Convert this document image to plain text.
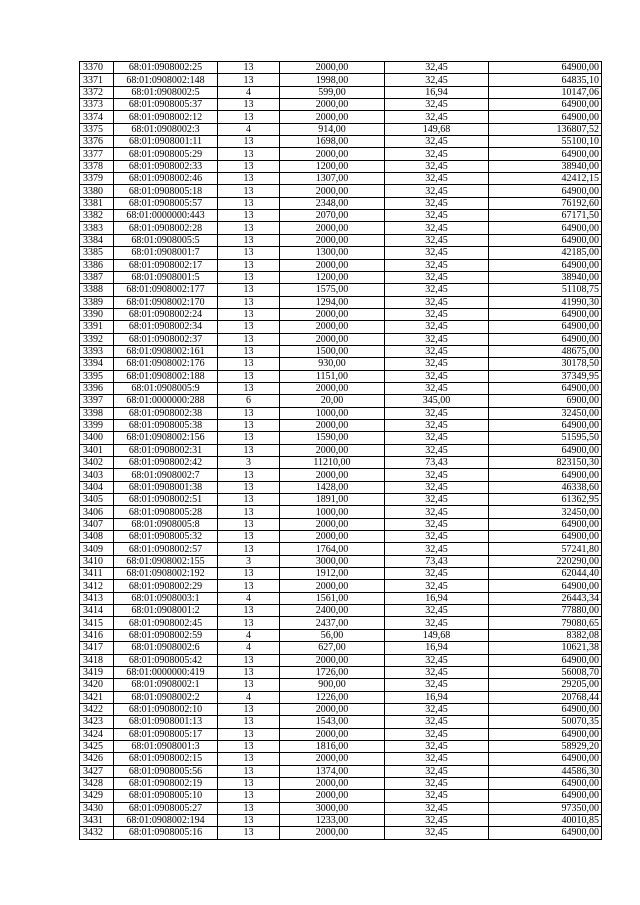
3370	68:01:0908002:25	13	2000,00	32,45	64900,00
3371	68:01:0908002:148	13	1998,00	32,45	64835,10
3372	68:01:0908002:5	4	599,00	16,94	10147,06
3373	68:01:0908005:37	13	2000,00	32,45	64900,00
3374	68:01:0908002:12	13	2000,00	32,45	64900,00
3375	68:01:0908002:3	4	914,00	149,68	136807,52
3376	68:01:0908001:11	13	1698,00	32,45	55100,10
3377	68:01:0908005:29	13	2000,00	32,45	64900,00
3378	68:01:0908002:33	13	1200,00	32,45	38940,00
3379	68:01:0908002:46	13	1307,00	32,45	42412,15
3380	68:01:0908005:18	13	2000,00	32,45	64900,00
3381	68:01:0908005:57	13	2348,00	32,45	76192,60
3382	68:01:0000000:443	13	2070,00	32,45	67171,50
3383	68:01:0908002:28	13	2000,00	32,45	64900,00
3384	68:01:0908005:5	13	2000,00	32,45	64900,00
3385	68:01:0908001:7	13	1300,00	32,45	42185,00
3386	68:01:0908002:17	13	2000,00	32,45	64900,00
3387	68:01:0908001:5	13	1200,00	32,45	38940,00
3388	68:01:0908002:177	13	1575,00	32,45	51108,75
3389	68:01:0908002:170	13	1294,00	32,45	41990,30
3390	68:01:0908002:24	13	2000,00	32,45	64900,00
3391	68:01:0908002:34	13	2000,00	32,45	64900,00
3392	68:01:0908002:37	13	2000,00	32,45	64900,00
3393	68:01:0908002:161	13	1500,00	32,45	48675,00
3394	68:01:0908002:176	13	930,00	32,45	30178,50
3395	68:01:0908002:188	13	1151,00	32,45	37349,95
3396	68:01:0908005:9	13	2000,00	32,45	64900,00
3397	68:01:0000000:288	6	20,00	345,00	6900,00
3398	68:01:0908002:38	13	1000,00	32,45	32450,00
3399	68:01:0908005:38	13	2000,00	32,45	64900,00
3400	68:01:0908002:156	13	1590,00	32,45	51595,50
3401	68:01:0908002:31	13	2000,00	32,45	64900,00
3402	68:01:0908002:42	3	11210,00	73,43	823150,30
3403	68:01:0908002:7	13	2000,00	32,45	64900,00
3404	68:01:0908001:38	13	1428,00	32,45	46338,60
3405	68:01:0908002:51	13	1891,00	32,45	61362,95
3406	68:01:0908005:28	13	1000,00	32,45	32450,00
3407	68:01:0908005:8	13	2000,00	32,45	64900,00
3408	68:01:0908005:32	13	2000,00	32,45	64900,00
3409	68:01:0908002:57	13	1764,00	32,45	57241,80
3410	68:01:0908002:155	3	3000,00	73,43	220290,00
3411	68:01:0908002:192	13	1912,00	32,45	62044,40
3412	68:01:0908002:29	13	2000,00	32,45	64900,00
3413	68:01:0908003:1	4	1561,00	16,94	26443,34
3414	68:01:0908001:2	13	2400,00	32,45	77880,00
3415	68:01:0908002:45	13	2437,00	32,45	79080,65
3416	68:01:0908002:59	4	56,00	149,68	8382,08
3417	68:01:0908002:6	4	627,00	16,94	10621,38
3418	68:01:0908005:42	13	2000,00	32,45	64900,00
3419	68:01:0000000:419	13	1726,00	32,45	56008,70
3420	68:01:0908002:1	13	900,00	32,45	29205,00
3421	68:01:0908002:2	4	1226,00	16,94	20768,44
3422	68:01:0908002:10	13	2000,00	32,45	64900,00
3423	68:01:0908001:13	13	1543,00	32,45	50070,35
3424	68:01:0908005:17	13	2000,00	32,45	64900,00
3425	68:01:0908001:3	13	1816,00	32,45	58929,20
3426	68:01:0908002:15	13	2000,00	32,45	64900,00
3427	68:01:0908005:56	13	1374,00	32,45	44586,30
3428	68:01:0908002:19	13	2000,00	32,45	64900,00
3429	68:01:0908005:10	13	2000,00	32,45	64900,00
3430	68:01:0908005:27	13	3000,00	32,45	97350,00
3431	68:01:0908002:194	13	1233,00	32,45	40010,85
3432	68:01:0908005:16	13	2000,00	32,45	64900,00
